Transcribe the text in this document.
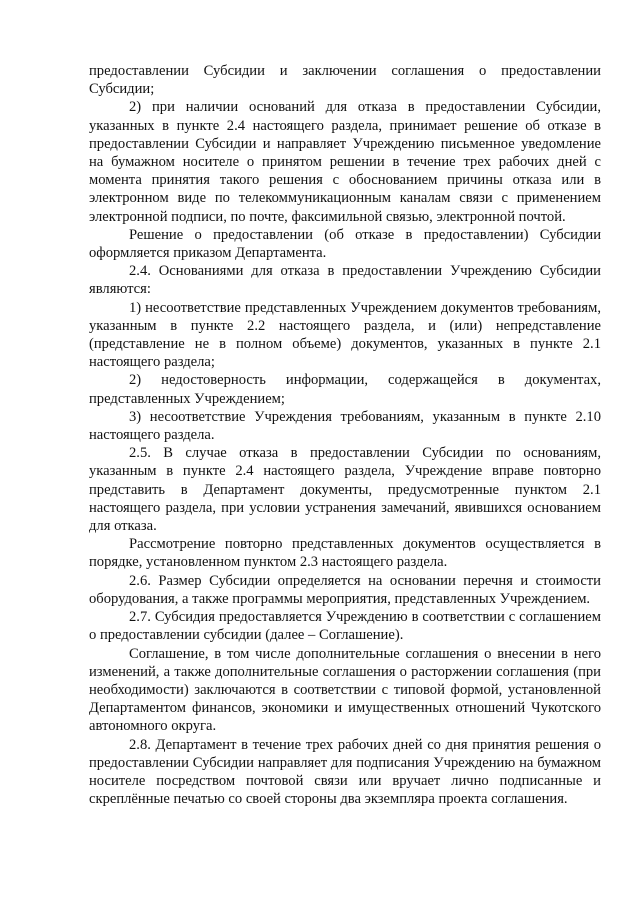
предоставлении Субсидии и заключении соглашения о предоставлении Субсидии;

2) при наличии оснований для отказа в предоставлении Субсидии, указанных в пункте 2.4 настоящего раздела, принимает решение об отказе в предоставлении Субсидии и направляет Учреждению письменное уведомление на бумажном носителе о принятом решении в течение трех рабочих дней с момента принятия такого решения с обоснованием причины отказа или в электронном виде по телекоммуникационным каналам связи с применением электронной подписи, по почте, факсимильной связью, электронной почтой.

Решение о предоставлении (об отказе в предоставлении) Субсидии оформляется приказом Департамента.

2.4. Основаниями для отказа в предоставлении Учреждению Субсидии являются:

1) несоответствие представленных Учреждением документов требованиям, указанным в пункте 2.2 настоящего раздела, и (или) непредставление (представление не в полном объеме) документов, указанных в пункте 2.1 настоящего раздела;

2) недостоверность информации, содержащейся в документах, представленных Учреждением;

3) несоответствие Учреждения требованиям, указанным в пункте 2.10 настоящего раздела.

2.5. В случае отказа в предоставлении Субсидии по основаниям, указанным в пункте 2.4 настоящего раздела, Учреждение вправе повторно представить в Департамент документы, предусмотренные пунктом 2.1 настоящего раздела, при условии устранения замечаний, явившихся основанием для отказа.

Рассмотрение повторно представленных документов осуществляется в порядке, установленном пунктом 2.3 настоящего раздела.

2.6. Размер Субсидии определяется на основании перечня и стоимости оборудования, а также программы мероприятия, представленных Учреждением.

2.7. Субсидия предоставляется Учреждению в соответствии с соглашением о предоставлении субсидии (далее – Соглашение).

Соглашение, в том числе дополнительные соглашения о внесении в него изменений, а также дополнительные соглашения о расторжении соглашения (при необходимости) заключаются в соответствии с типовой формой, установленной Департаментом финансов, экономики и имущественных отношений Чукотского автономного округа.

2.8. Департамент в течение трех рабочих дней со дня принятия решения о предоставлении Субсидии направляет для подписания Учреждению на бумажном носителе посредством почтовой связи или вручает лично подписанные и скреплённые печатью со своей стороны два экземпляра проекта соглашения.
